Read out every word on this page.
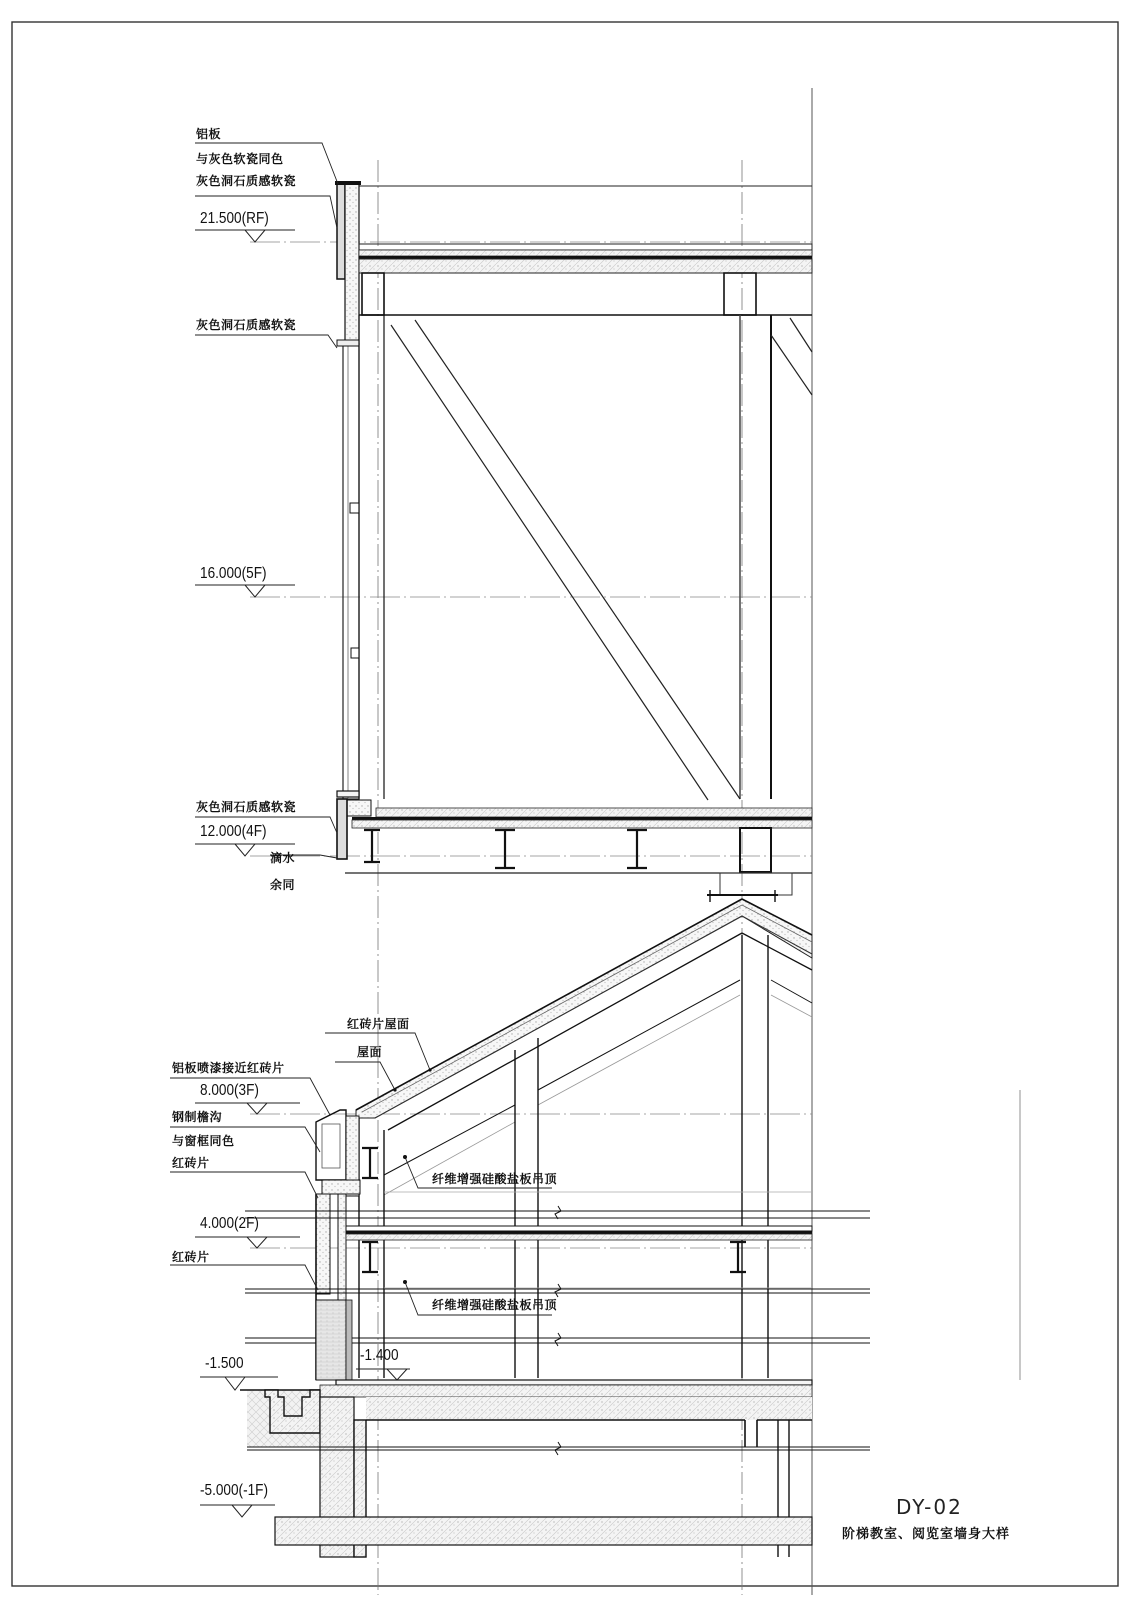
铝板
与灰色软瓷同色
灰色洞石质感软瓷
21.500(RF)
灰色洞石质感软瓷
16.000(5F)
灰色洞石质感软瓷
12.000(4F)
滴水
余同
红砖片屋面
屋面
铝板喷漆接近红砖片
8.000(3F)
钢制檐沟
与窗框同色
红砖片
4.000(2F)
红砖片
纤维增强硅酸盐板吊顶
纤维增强硅酸盐板吊顶
-1.500	-1.400
-5.000(-1F)
DY-02
阶梯教室、阅览室墙身大样
